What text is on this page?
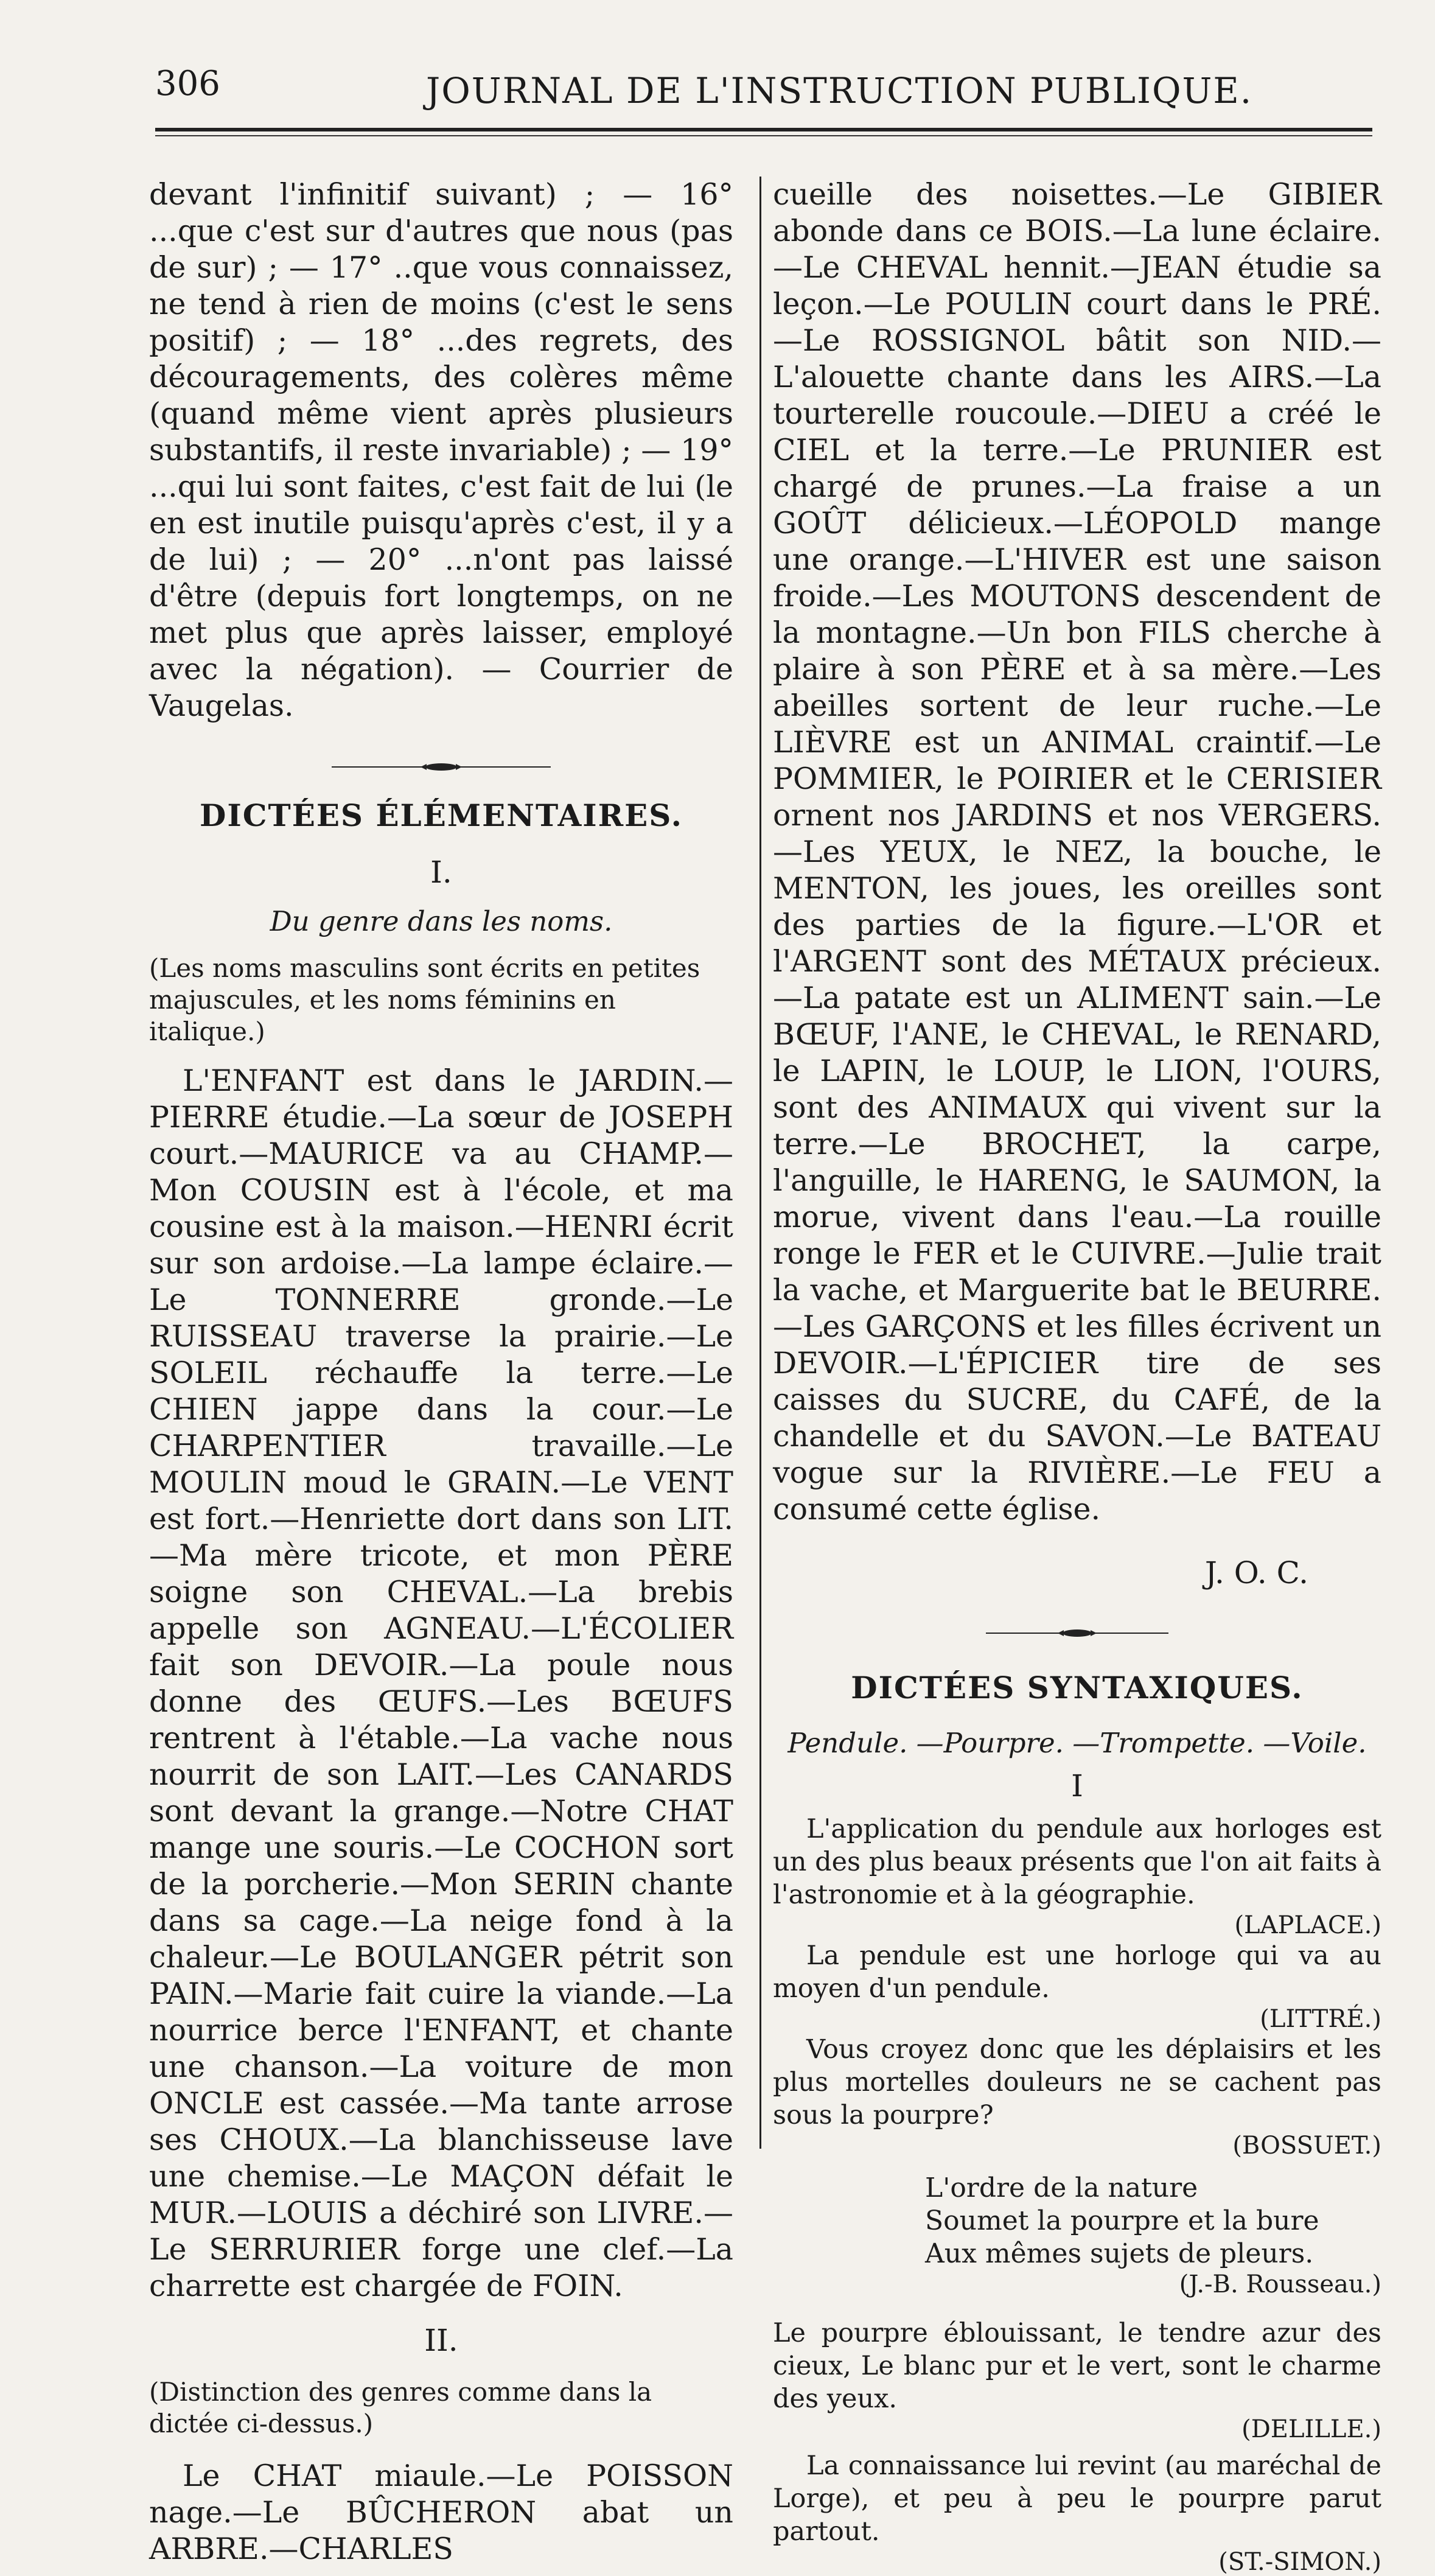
306	JOURNAL DE L'INSTRUCTION PUBLIQUE.

devant l'infinitif suivant) ; — 16° ...que c'est sur d'autres que nous (pas de sur) ; — 17° ..que vous connaissez, ne tend à rien de moins (c'est le sens positif) ; — 18° ...des regrets, des découragements, des colères même (quand même vient après plusieurs substantifs, il reste invariable) ; — 19° ...qui lui sont faites, c'est fait de lui (le en est inutile puisqu'après c'est, il y a de lui) ; — 20° ...n'ont pas laissé d'être (depuis fort longtemps, on ne met plus que après laisser, employé avec la négation). — Courrier de Vaugelas.

DICTÉES ÉLÉMENTAIRES.
I.
Du genre dans les noms.
(Les noms masculins sont écrits en petites majuscules, et les noms féminins en italique.)

L'ENFANT est dans le JARDIN.—PIERRE étudie.—La sœur de JOSEPH court.—MAURICE va au CHAMP.—Mon COUSIN est à l'école, et ma cousine est à la maison.—HENRI écrit sur son ardoise.—La lampe éclaire.—Le TONNERRE gronde.—Le RUISSEAU traverse la prairie.—Le SOLEIL réchauffe la terre.—Le CHIEN jappe dans la cour.—Le CHARPENTIER travaille.—Le MOULIN moud le GRAIN.—Le VENT est fort.—Henriette dort dans son LIT.—Ma mère tricote, et mon PÈRE soigne son CHEVAL.—La brebis appelle son AGNEAU.—L'ÉCOLIER fait son DEVOIR.—La poule nous donne des ŒUFS.—Les BŒUFS rentrent à l'étable.—La vache nous nourrit de son LAIT.—Les CANARDS sont devant la grange.—Notre CHAT mange une souris.—Le COCHON sort de la porcherie.—Mon SERIN chante dans sa cage.—La neige fond à la chaleur.—Le BOULANGER pétrit son PAIN.—Marie fait cuire la viande.—La nourrice berce l'ENFANT, et chante une chanson.—La voiture de mon ONCLE est cassée.—Ma tante arrose ses CHOUX.—La blanchisseuse lave une chemise.—Le MAÇON défait le MUR.—LOUIS a déchiré son LIVRE.—Le SERRURIER forge une clef.—La charrette est chargée de FOIN.

II.
(Distinction des genres comme dans la dictée ci-dessus.)

Le CHAT miaule.—Le POISSON nage.—Le BÛCHERON abat un ARBRE.—CHARLES

cueille des noisettes.—Le GIBIER abonde dans ce BOIS.—La lune éclaire.—Le CHEVAL hennit.—JEAN étudie sa leçon.—Le POULIN court dans le PRÉ.—Le ROSSIGNOL bâtit son NID.—L'alouette chante dans les AIRS.—La tourterelle roucoule.—DIEU a créé le CIEL et la terre.—Le PRUNIER est chargé de prunes.—La fraise a un GOÛT délicieux.—LÉOPOLD mange une orange.—L'HIVER est une saison froide.—Les MOUTONS descendent de la montagne.—Un bon FILS cherche à plaire à son PÈRE et à sa mère.—Les abeilles sortent de leur ruche.—Le LIÈVRE est un ANIMAL craintif.—Le POMMIER, le POIRIER et le CERISIER ornent nos JARDINS et nos VERGERS.—Les YEUX, le NEZ, la bouche, le MENTON, les joues, les oreilles sont des parties de la figure.—L'OR et l'ARGENT sont des MÉTAUX précieux.—La patate est un ALIMENT sain.—Le BŒUF, l'ANE, le CHEVAL, le RENARD, le LAPIN, le LOUP, le LION, l'OURS, sont des ANIMAUX qui vivent sur la terre.—Le BROCHET, la carpe, l'anguille, le HARENG, le SAUMON, la morue, vivent dans l'eau.—La rouille ronge le FER et le CUIVRE.—Julie trait la vache, et Marguerite bat le BEURRE.—Les GARÇONS et les filles écrivent un DEVOIR.—L'ÉPICIER tire de ses caisses du SUCRE, du CAFÉ, de la chandelle et du SAVON.—Le BATEAU vogue sur la RIVIÈRE.—Le FEU a consumé cette église.

J. O. C.
DICTÉES SYNTAXIQUES.
Pendule. —Pourpre. —Trompette. —Voile.
I

L'application du pendule aux horloges est un des plus beaux présents que l'on ait faits à l'astronomie et à la géographie.

(LAPLACE.)

La pendule est une horloge qui va au moyen d'un pendule.

(LITTRÉ.)

Vous croyez donc que les déplaisirs et les plus mortelles douleurs ne se cachent pas sous la pourpre?

(BOSSUET.)
L'ordre de la nature
Soumet la pourpre et la bure
Aux mêmes sujets de pleurs.
(J.-B. Rousseau.)

Le pourpre éblouissant, le tendre azur des cieux, Le blanc pur et le vert, sont le charme des yeux.

(DELILLE.)

La connaissance lui revint (au maréchal de Lorge), et peu à peu le pourpre parut partout.

(ST.-SIMON.)
